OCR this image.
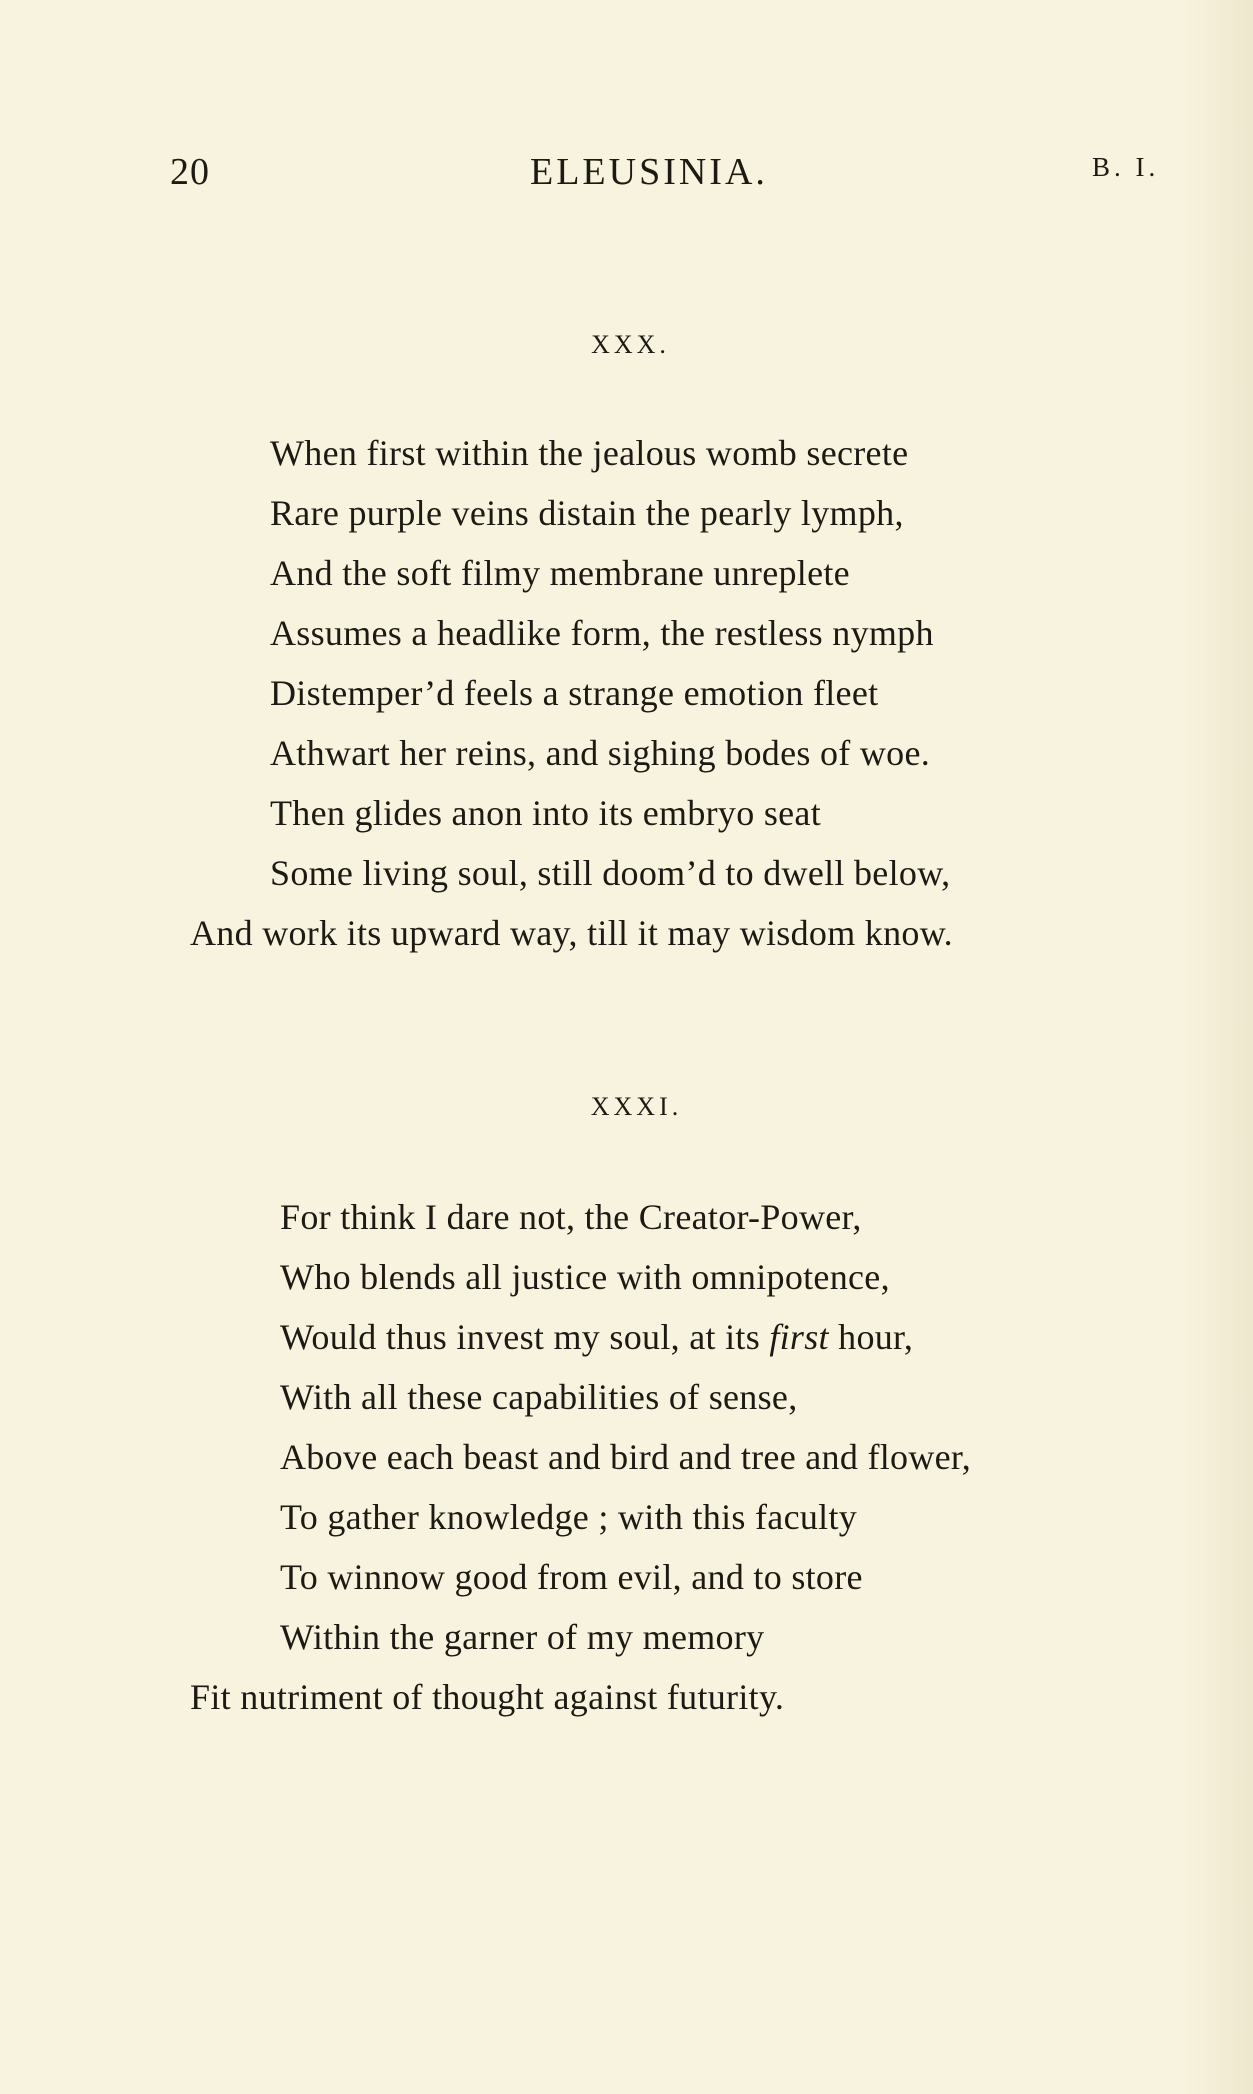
20	ELEUSINIA.	B. I.
XXX.
When first within the jealous womb secrete
Rare purple veins distain the pearly lymph,
And the soft filmy membrane unreplete
Assumes a headlike form, the restless nymph
Distemper’d feels a strange emotion fleet
Athwart her reins, and sighing bodes of woe.
Then glides anon into its embryo seat
Some living soul, still doom’d to dwell below,
And work its upward way, till it may wisdom know.
XXXI.
For think I dare not, the Creator-Power,
Who blends all justice with omnipotence,
Would thus invest my soul, at its first hour,
With all these capabilities of sense,
Above each beast and bird and tree and flower,
To gather knowledge ; with this faculty
To winnow good from evil, and to store
Within the garner of my memory
Fit nutriment of thought against futurity.
